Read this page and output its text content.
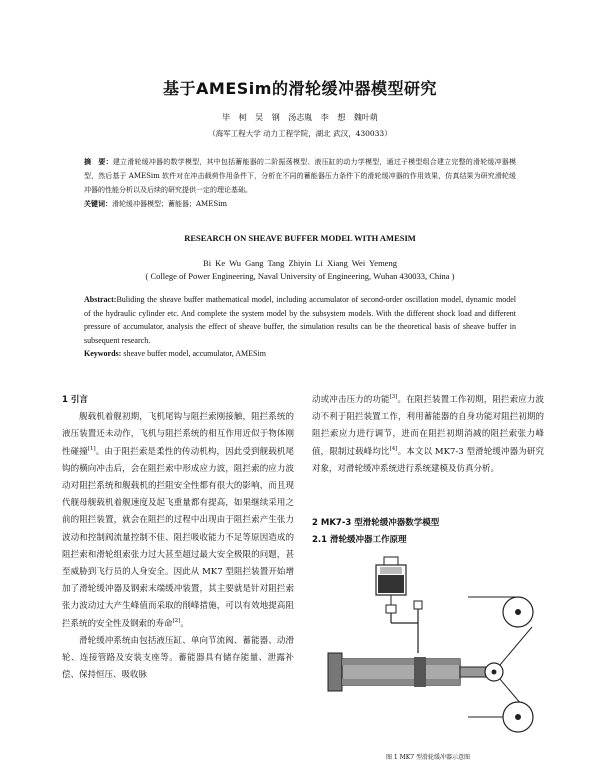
基于AMESim的滑轮缓冲器模型研究
毕 柯 吴 钢 汤志胤 李 想 魏叶萌
（海军工程大学 动力工程学院，湖北 武汉，430033）
摘　要：建立滑轮缓冲器的数学模型，其中包括蓄能器的二阶振荡模型、液压缸的动力学模型，通过子模型组合建立完整的滑轮缓冲器模型，然后基于 AMESim 软件对在冲击载荷作用条件下，分析在不同的蓄能器压力条件下的滑轮缓冲器的作用效果，仿真结果为研究滑轮缓冲器的性能分析以及后续的研究提供一定的理论基础。
关键词：滑轮缓冲器模型；蓄能器；AMESim
RESEARCH ON SHEAVE BUFFER MODEL WITH AMESIM
Bi Ke Wu Gang Tang Zhiyin Li Xiang Wei Yemeng
( College of Power Engineering, Naval University of Engineering, Wuhan 430033, China )
Abstract:Buliding the sheave buffer mathematical model, including accumulator of second-order oscillation model, dynamic model of the hydraulic cylinder etc. And complete the system model by the subsystem models. With the different shock load and different pressure of accumulator, analysis the effect of sheave buffer, the simulation results can be the theoretical basis of sheave buffer in subsequent research.
Keywords: sheave buffer model, accumulator, AMESim
1 引言

舰载机着舰初期，飞机尾钩与阻拦索刚接触，阻拦系统的液压装置还未动作，飞机与阻拦系统的相互作用近似于物体刚性碰撞[1]。由于阻拦索是柔性的传动机构，因此受到舰载机尾钩的横向冲击后，会在阻拦索中形成应力波，阻拦索的应力波动对阻拦系统和舰载机的拦阻安全性都有很大的影响，而且现代舰母舰载机着舰速度及起飞重量都有提高，如果继续采用之前的阻拦装置，就会在阻拦的过程中出现由于阻拦索产生张力波动和控制阀流量控制不佳、阻拦吸收能力不足等原因造成的阻拦索和滑轮组索张力过大甚至超过最大安全极限的问题，甚至威胁到飞行员的人身安全。因此从 MK7 型阻拦装置开始增加了滑轮缓冲器及钢索末端缓冲装置，其主要就是针对阻拦索张力波动过大产生峰值而采取的削峰措施，可以有效地提高阻拦系统的安全性及钢索的寿命[2]。

滑轮缓冲系统由包括液压缸、单向节流阀、蓄能器、动滑轮、连接管路及安装支座等。蓄能器具有储存能量、泄露补偿、保持恒压、吸收脉

动或冲击压力的功能[3]。在阻拦装置工作初期，阻拦索应力波动不利于阻拦装置工作，利用蓄能器的自身功能对阻拦初期的阻拦索应力进行调节，进而在阻拦初期消减的阻拦索张力峰值，限制过载峰均比[4]。本文以 MK7-3 型滑轮缓冲器为研究对象，对滑轮缓冲系统进行系统建模及仿真分析。

2 MK7-3 型滑轮缓冲器数学模型
2.1 滑轮缓冲器工作原理
图 1 MK7 型滑轮缓冲器示意图
